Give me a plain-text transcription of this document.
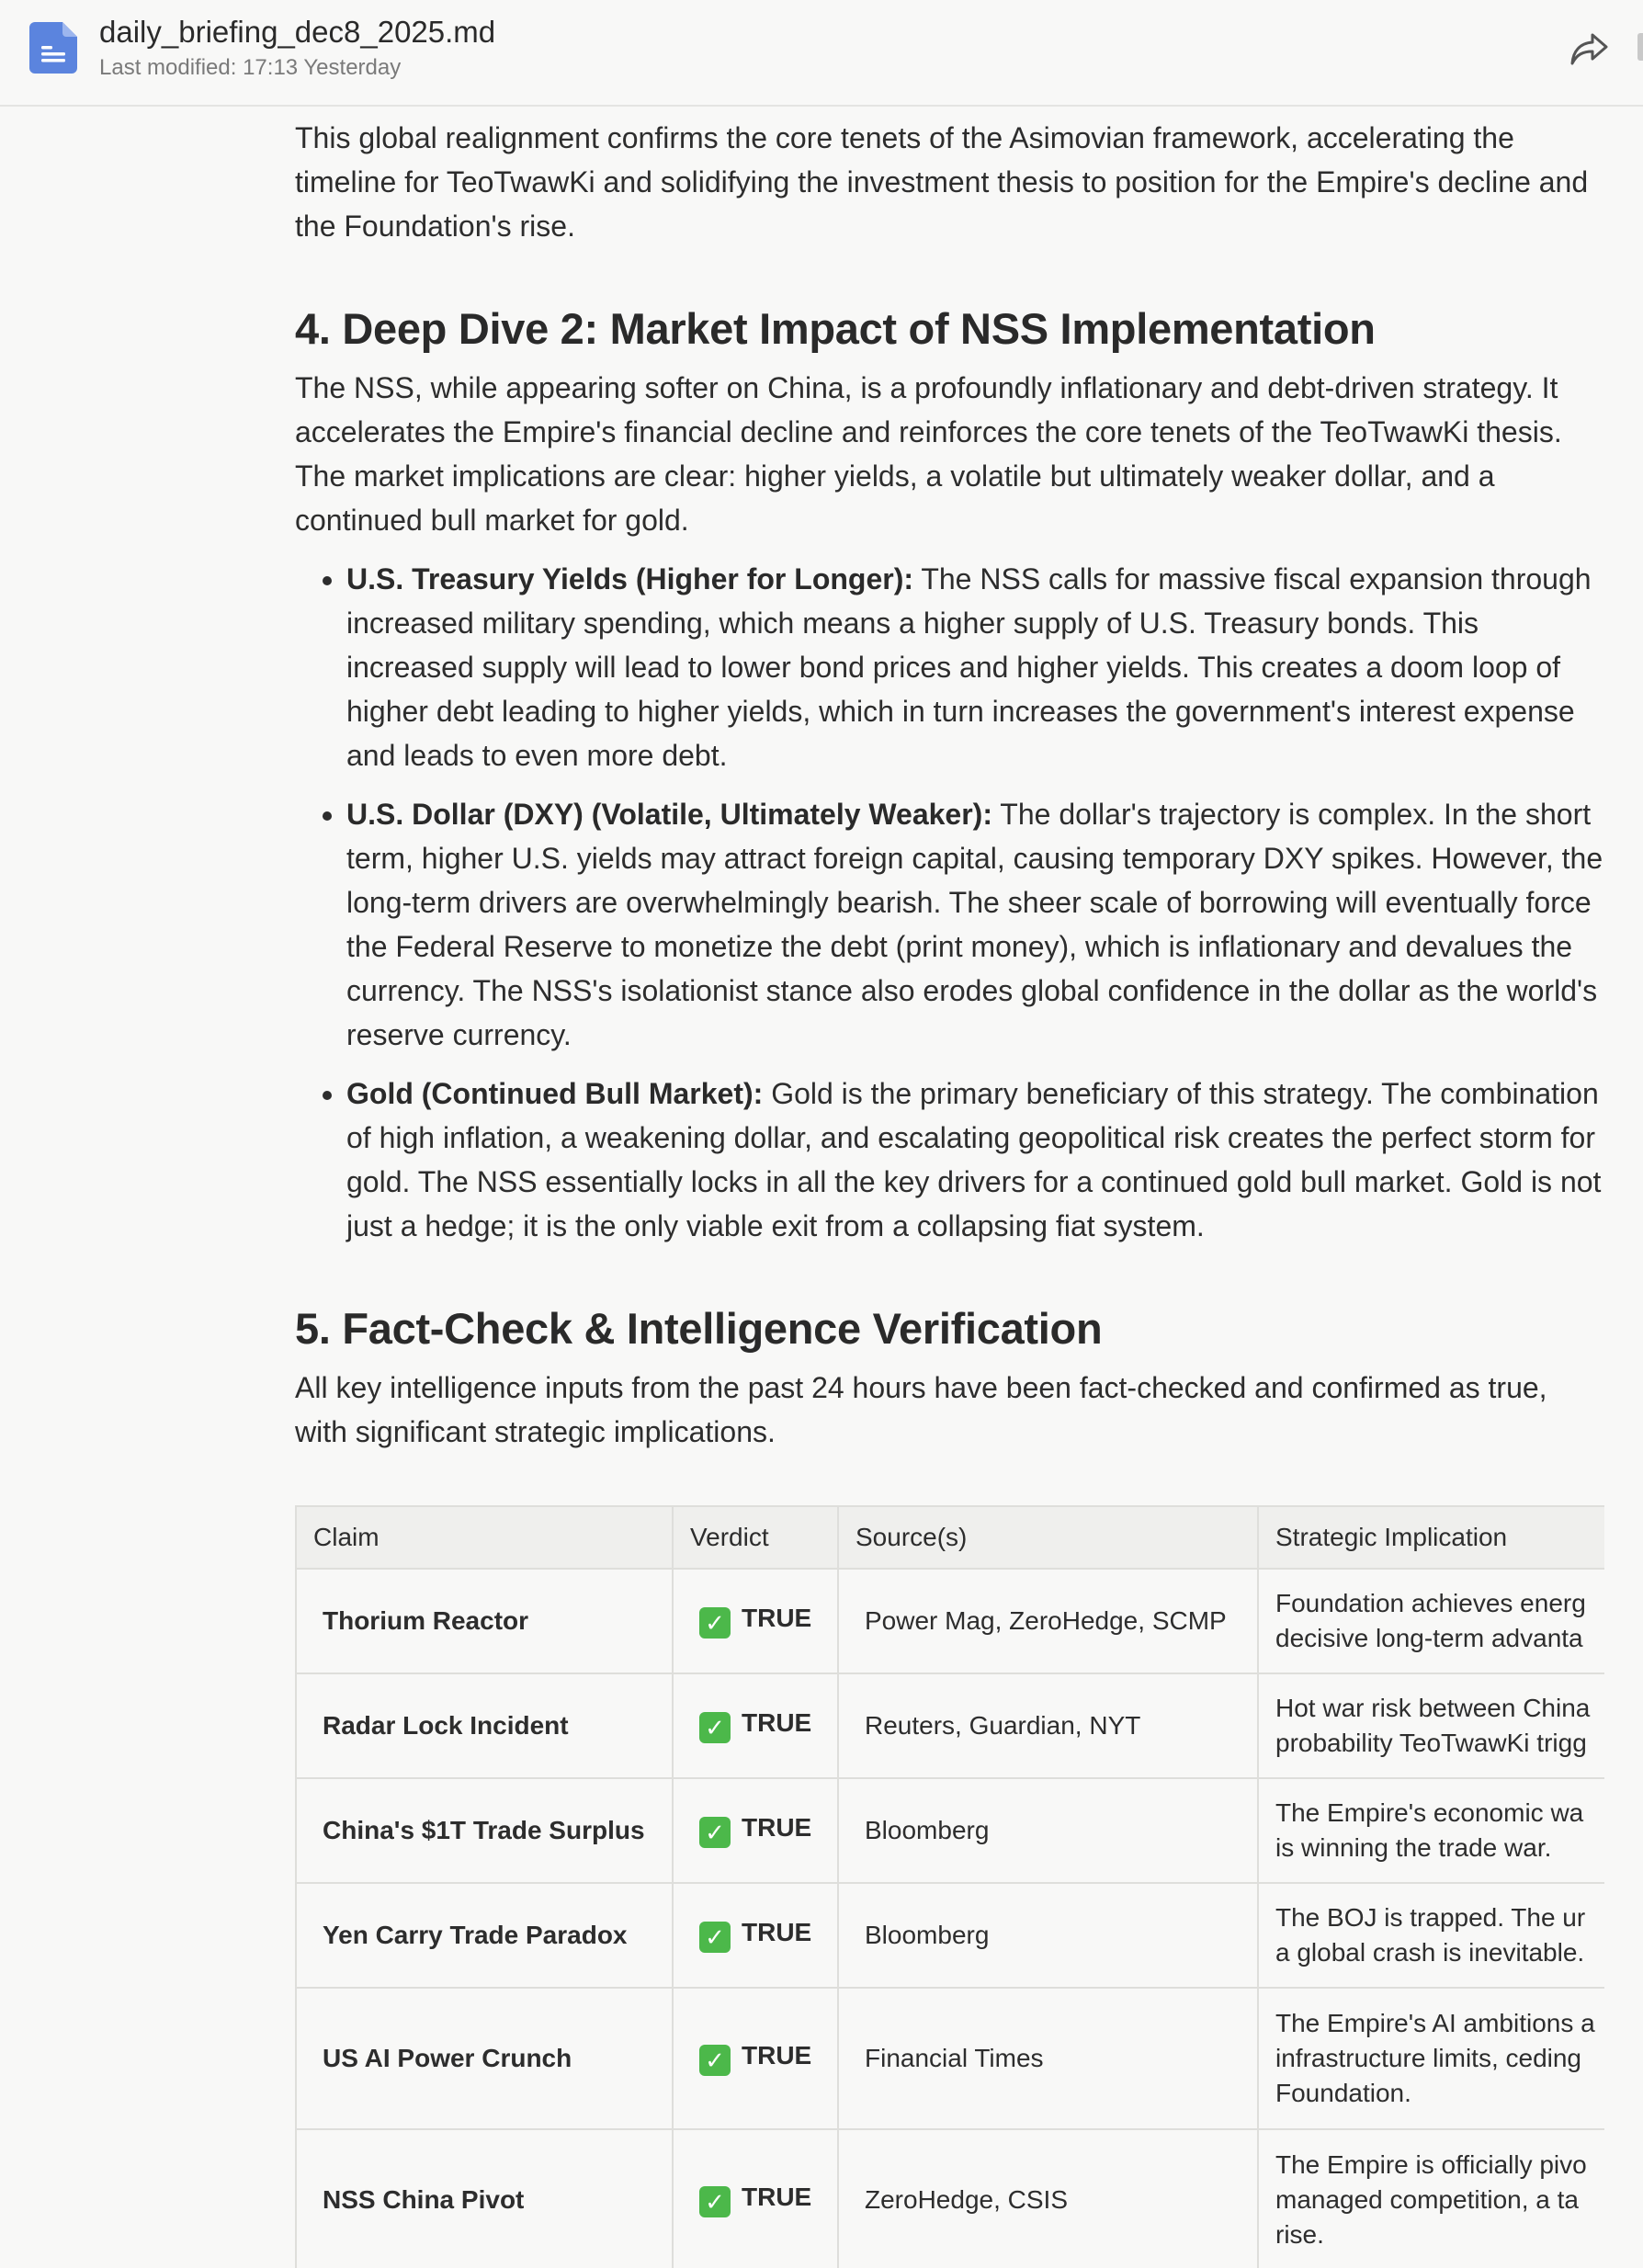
daily_briefing_dec8_2025.md
Last modified: 17:13 Yesterday

This global realignment confirms the core tenets of the Asimovian framework, accelerating the timeline for TeoTwawKi and solidifying the investment thesis to position for the Empire's decline and the Foundation's rise.

4. Deep Dive 2: Market Impact of NSS Implementation

The NSS, while appearing softer on China, is a profoundly inflationary and debt-driven strategy. It accelerates the Empire's financial decline and reinforces the core tenets of the TeoTwawKi thesis. The market implications are clear: higher yields, a volatile but ultimately weaker dollar, and a continued bull market for gold.

• U.S. Treasury Yields (Higher for Longer): The NSS calls for massive fiscal expansion through increased military spending, which means a higher supply of U.S. Treasury bonds. This increased supply will lead to lower bond prices and higher yields. This creates a doom loop of higher debt leading to higher yields, which in turn increases the government's interest expense and leads to even more debt.
• U.S. Dollar (DXY) (Volatile, Ultimately Weaker): The dollar's trajectory is complex. In the short term, higher U.S. yields may attract foreign capital, causing temporary DXY spikes. However, the long-term drivers are overwhelmingly bearish. The sheer scale of borrowing will eventually force the Federal Reserve to monetize the debt (print money), which is inflationary and devalues the currency. The NSS's isolationist stance also erodes global confidence in the dollar as the world's reserve currency.
• Gold (Continued Bull Market): Gold is the primary beneficiary of this strategy. The combination of high inflation, a weakening dollar, and escalating geopolitical risk creates the perfect storm for gold. The NSS essentially locks in all the key drivers for a continued gold bull market. Gold is not just a hedge; it is the only viable exit from a collapsing fiat system.
5. Fact-Check & Intelligence Verification

All key intelligence inputs from the past 24 hours have been fact-checked and confirmed as true, with significant strategic implications.

Claim	Verdict	Source(s)	Strategic Implication
Thorium Reactor	✓ TRUE	Power Mag, ZeroHedge, SCMP	Foundation achieves energ
decisive long-term advanta

Radar Lock Incident	✓ TRUE	Reuters, Guardian, NYT	Hot war risk between China
probability TeoTwawKi trigg

China's $1T Trade Surplus	✓ TRUE	Bloomberg	The Empire's economic wa
is winning the trade war.

Yen Carry Trade Paradox	✓ TRUE	Bloomberg	The BOJ is trapped. The ur
a global crash is inevitable.

US AI Power Crunch	✓ TRUE	Financial Times	The Empire's AI ambitions a
infrastructure limits, ceding
Foundation.

NSS China Pivot	✓ TRUE	ZeroHedge, CSIS	The Empire is officially pivo
managed competition, a ta
rise.
